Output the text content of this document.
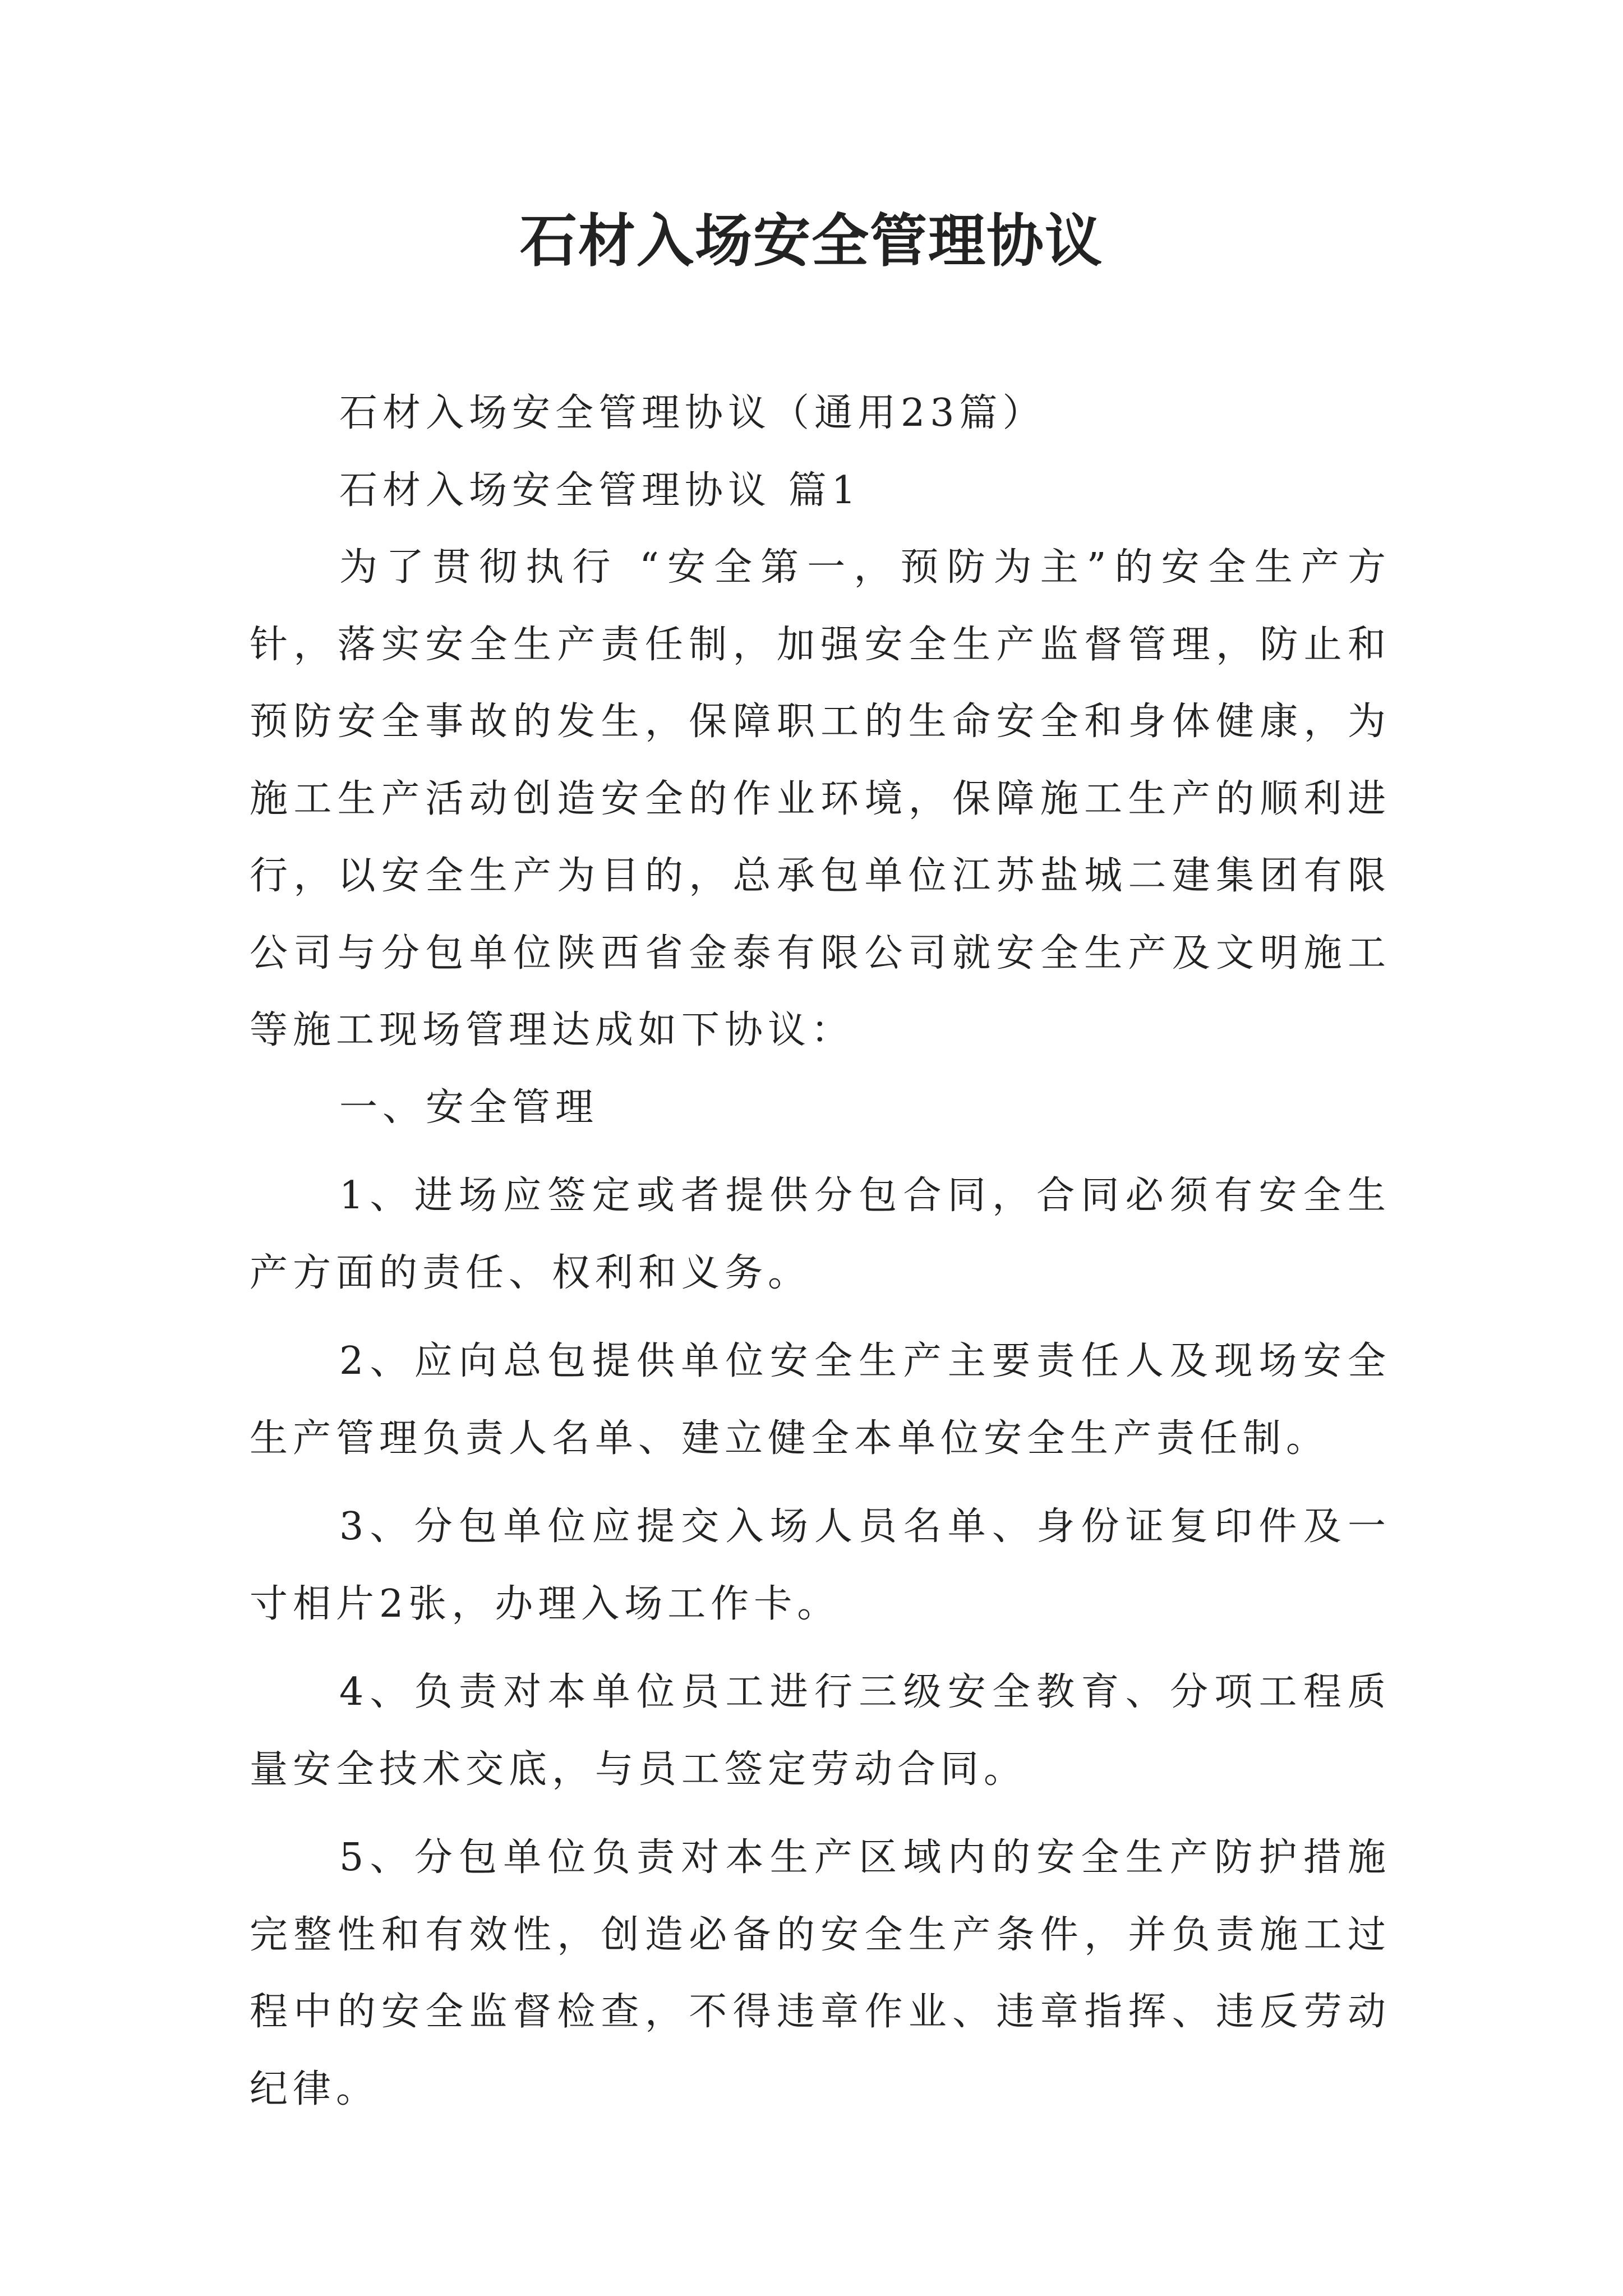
石材入场安全管理协议

石材入场安全管理协议（通用23篇）

石材入场安全管理协议 篇1

为了贯彻执行 “安全第一，预防为主”的安全生产方针，落实安全生产责任制，加强安全生产监督管理，防止和预防安全事故的发生，保障职工的生命安全和身体健康，为施工生产活动创造安全的作业环境，保障施工生产的顺利进行，以安全生产为目的，总承包单位江苏盐城二建集团有限公司与分包单位陕西省金泰有限公司就安全生产及文明施工等施工现场管理达成如下协议：

一、安全管理

1、进场应签定或者提供分包合同，合同必须有安全生产方面的责任、权利和义务。

2、应向总包提供单位安全生产主要责任人及现场安全生产管理负责人名单、建立健全本单位安全生产责任制。

3、分包单位应提交入场人员名单、身份证复印件及一寸相片2张，办理入场工作卡。

4、负责对本单位员工进行三级安全教育、分项工程质量安全技术交底，与员工签定劳动合同。

5、分包单位负责对本生产区域内的安全生产防护措施完整性和有效性，创造必备的安全生产条件，并负责施工过程中的安全监督检查，不得违章作业、违章指挥、违反劳动纪律。
